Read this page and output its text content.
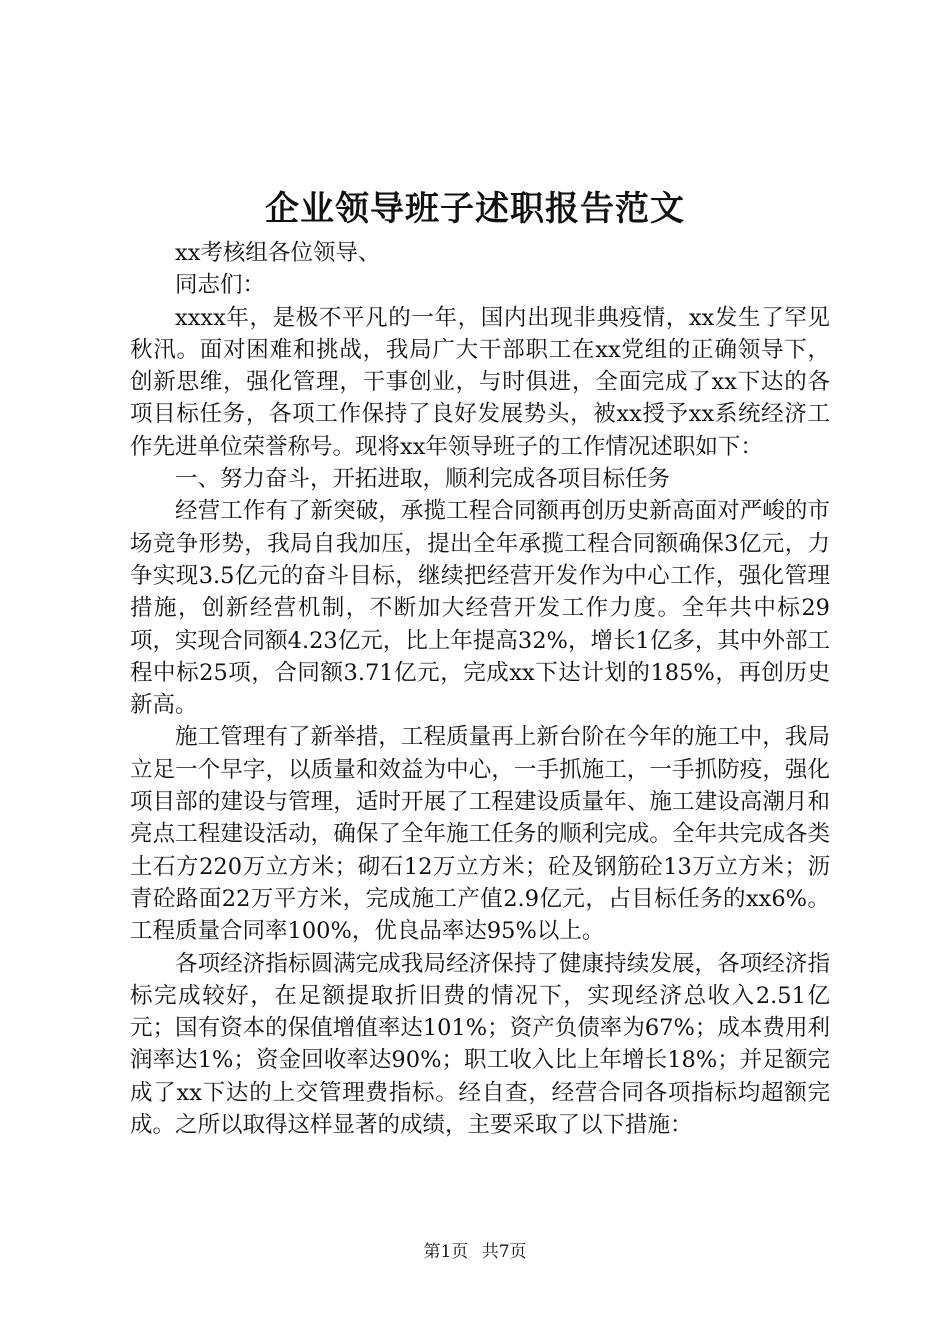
企业领导班子述职报告范文

xx考核组各位领导、

同志们：

xxxx年，是极不平凡的一年，国内出现非典疫情，xx发生了罕见秋汛。面对困难和挑战，我局广大干部职工在xx党组的正确领导下，创新思维，强化管理，干事创业，与时俱进，全面完成了xx下达的各项目标任务，各项工作保持了良好发展势头，被xx授予xx系统经济工作先进单位荣誉称号。现将xx年领导班子的工作情况述职如下：

一、努力奋斗，开拓进取，顺利完成各项目标任务

经营工作有了新突破，承揽工程合同额再创历史新高面对严峻的市场竞争形势，我局自我加压，提出全年承揽工程合同额确保3亿元，力争实现3.5亿元的奋斗目标，继续把经营开发作为中心工作，强化管理措施，创新经营机制，不断加大经营开发工作力度。全年共中标29项，实现合同额4.23亿元，比上年提高32%，增长1亿多，其中外部工程中标25项，合同额3.71亿元，完成xx下达计划的185%，再创历史新高。

施工管理有了新举措，工程质量再上新台阶在今年的施工中，我局立足一个早字，以质量和效益为中心，一手抓施工，一手抓防疫，强化项目部的建设与管理，适时开展了工程建设质量年、施工建设高潮月和亮点工程建设活动，确保了全年施工任务的顺利完成。全年共完成各类土石方220万立方米；砌石12万立方米；砼及钢筋砼13万立方米；沥青砼路面22万平方米，完成施工产值2.9亿元，占目标任务的xx6%。工程质量合同率100%，优良品率达95%以上。

各项经济指标圆满完成我局经济保持了健康持续发展，各项经济指标完成较好，在足额提取折旧费的情况下，实现经济总收入2.51亿元；国有资本的保值增值率达101%；资产负债率为67%；成本费用利润率达1%；资金回收率达90%；职工收入比上年增长18%；并足额完成了xx下达的上交管理费指标。经自查，经营合同各项指标均超额完成。之所以取得这样显著的成绩，主要采取了以下措施：

第1页 共7页
